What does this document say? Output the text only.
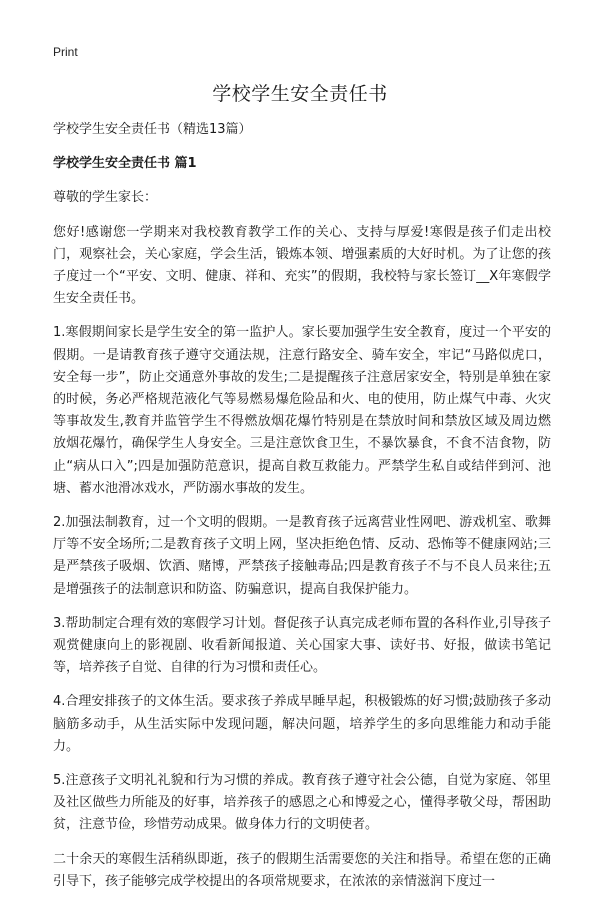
Print
学校学生安全责任书

学校学生安全责任书（精选13篇）

学校学生安全责任书 篇1

尊敬的学生家长：

您好!感谢您一学期来对我校教育教学工作的关心、支持与厚爱!寒假是孩子们走出校门，观察社会，关心家庭，学会生活，锻炼本领、增强素质的大好时机。为了让您的孩子度过一个“平安、文明、健康、祥和、充实”的假期，我校特与家长签订__X年寒假学生安全责任书。

1.寒假期间家长是学生安全的第一监护人。家长要加强学生安全教育，度过一个平安的假期。一是请教育孩子遵守交通法规，注意行路安全、骑车安全，牢记“马路似虎口，安全每一步”，防止交通意外事故的发生;二是提醒孩子注意居家安全，特别是单独在家的时候，务必严格规范液化气等易燃易爆危险品和火、电的使用，防止煤气中毒、火灾等事故发生,教育并监管学生不得燃放烟花爆竹特别是在禁放时间和禁放区域及周边燃放烟花爆竹，确保学生人身安全。三是注意饮食卫生，不暴饮暴食，不食不洁食物，防止“病从口入”;四是加强防范意识，提高自救互救能力。严禁学生私自或结伴到河、池塘、蓄水池滑冰戏水，严防溺水事故的发生。

2.加强法制教育，过一个文明的假期。一是教育孩子远离营业性网吧、游戏机室、歌舞厅等不安全场所;二是教育孩子文明上网，坚决拒绝色情、反动、恐怖等不健康网站;三是严禁孩子吸烟、饮酒、赌博，严禁孩子接触毒品;四是教育孩子不与不良人员来往;五是增强孩子的法制意识和防盗、防骗意识，提高自我保护能力。

3.帮助制定合理有效的寒假学习计划。督促孩子认真完成老师布置的各科作业,引导孩子观赏健康向上的影视剧、收看新闻报道、关心国家大事、读好书、好报，做读书笔记等，培养孩子自觉、自律的行为习惯和责任心。

4.合理安排孩子的文体生活。要求孩子养成早睡早起，积极锻炼的好习惯;鼓励孩子多动脑筋多动手，从生活实际中发现问题，解决问题，培养学生的多向思维能力和动手能力。

5.注意孩子文明礼礼貌和行为习惯的养成。教育孩子遵守社会公德，自觉为家庭、邻里及社区做些力所能及的好事，培养孩子的感恩之心和博爱之心，懂得孝敬父母，帮困助贫，注意节俭，珍惜劳动成果。做身体力行的文明使者。

二十余天的寒假生活稍纵即逝，孩子的假期生活需要您的关注和指导。希望在您的正确引导下，孩子能够完成学校提出的各项常规要求，在浓浓的亲情滋润下度过一
